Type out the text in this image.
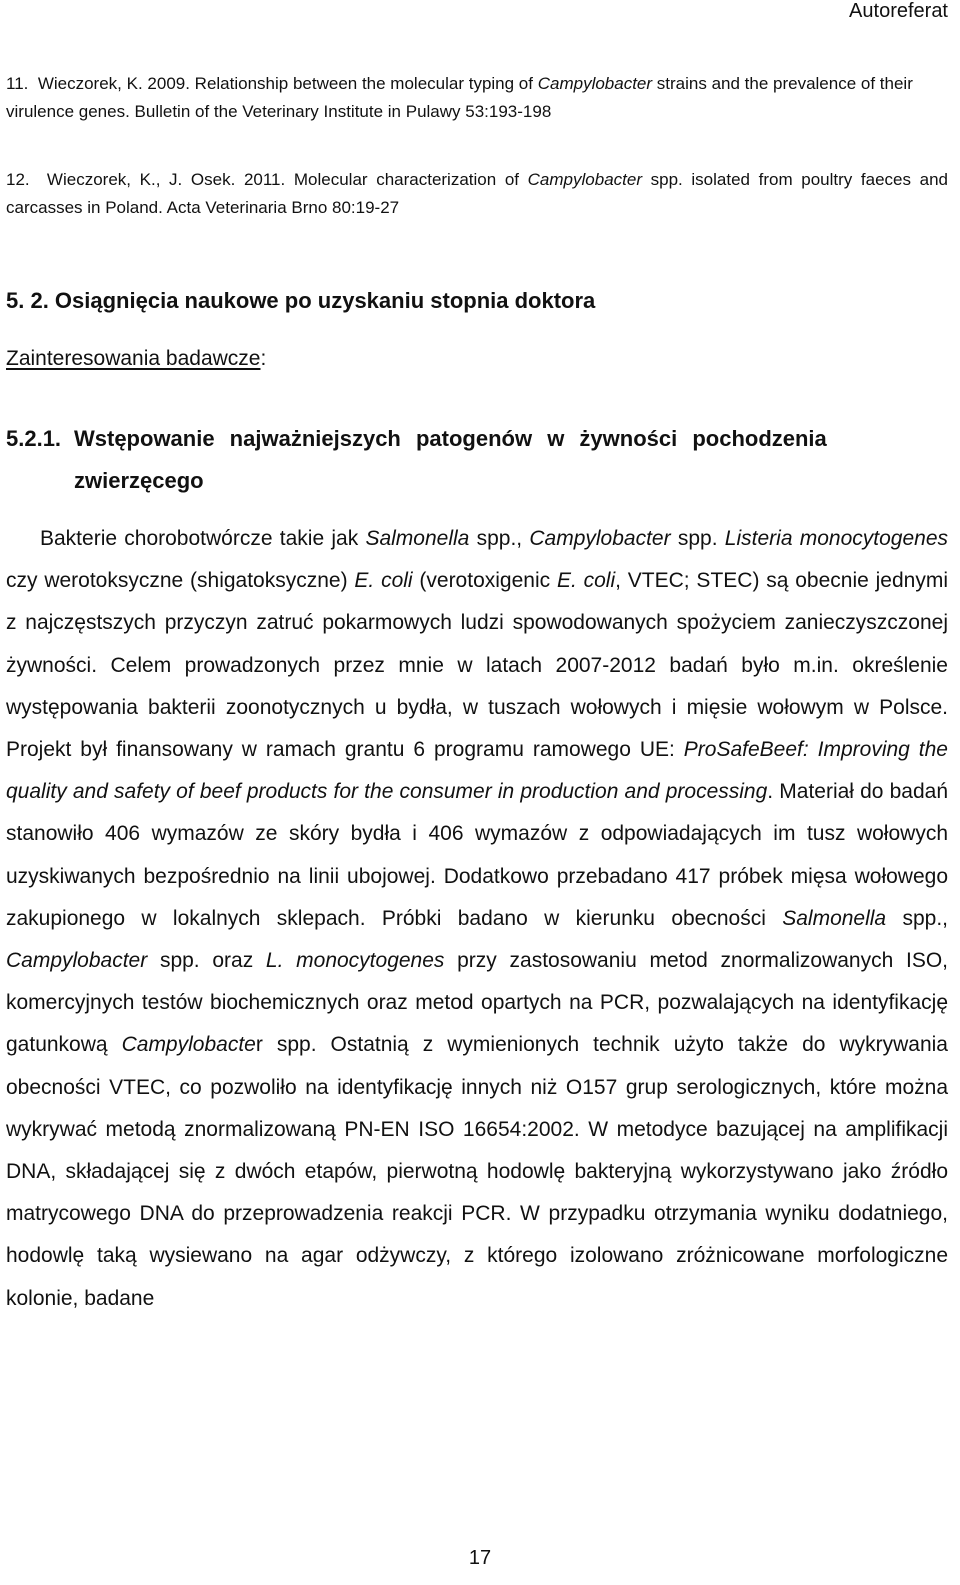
Autoreferat

11. Wieczorek, K. 2009. Relationship between the molecular typing of Campylobacter strains and the prevalence of their virulence genes. Bulletin of the Veterinary Institute in Pulawy 53:193-198

12. Wieczorek, K., J. Osek. 2011. Molecular characterization of Campylobacter spp. isolated from poultry faeces and carcasses in Poland. Acta Veterinaria Brno 80:19-27

5. 2. Osiągnięcia naukowe po uzyskaniu stopnia doktora
Zainteresowania badawcze:
5.2.1. Wstępowanie najważniejszych patogenów w żywności pochodzenia
zwierzęcego

Bakterie chorobotwórcze takie jak Salmonella spp., Campylobacter spp. Listeria monocytogenes czy werotoksyczne (shigatoksyczne) E. coli (verotoxigenic E. coli, VTEC; STEC) są obecnie jednymi z najczęstszych przyczyn zatruć pokarmowych ludzi spowodowanych spożyciem zanieczyszczonej żywności. Celem prowadzonych przez mnie w latach 2007-2012 badań było m.in. określenie występowania bakterii zoonotycznych u bydła, w tuszach wołowych i mięsie wołowym w Polsce. Projekt był finansowany w ramach grantu 6 programu ramowego UE: ProSafeBeef: Improving the quality and safety of beef products for the consumer in production and processing. Materiał do badań stanowiło 406 wymazów ze skóry bydła i 406 wymazów z odpowiadających im tusz wołowych uzyskiwanych bezpośrednio na linii ubojowej. Dodatkowo przebadano 417 próbek mięsa wołowego zakupionego w lokalnych sklepach. Próbki badano w kierunku obecności Salmonella spp., Campylobacter spp. oraz L. monocytogenes przy zastosowaniu metod znormalizowanych ISO, komercyjnych testów biochemicznych oraz metod opartych na PCR, pozwalających na identyfikację gatunkową Campylobacter spp. Ostatnią z wymienionych technik użyto także do wykrywania obecności VTEC, co pozwoliło na identyfikację innych niż O157 grup serologicznych, które można wykrywać metodą znormalizowaną PN-EN ISO 16654:2002. W metodyce bazującej na amplifikacji DNA, składającej się z dwóch etapów, pierwotną hodowlę bakteryjną wykorzystywano jako źródło matrycowego DNA do przeprowadzenia reakcji PCR. W przypadku otrzymania wyniku dodatniego, hodowlę taką wysiewano na agar odżywczy, z którego izolowano zróżnicowane morfologiczne kolonie, badane

17
